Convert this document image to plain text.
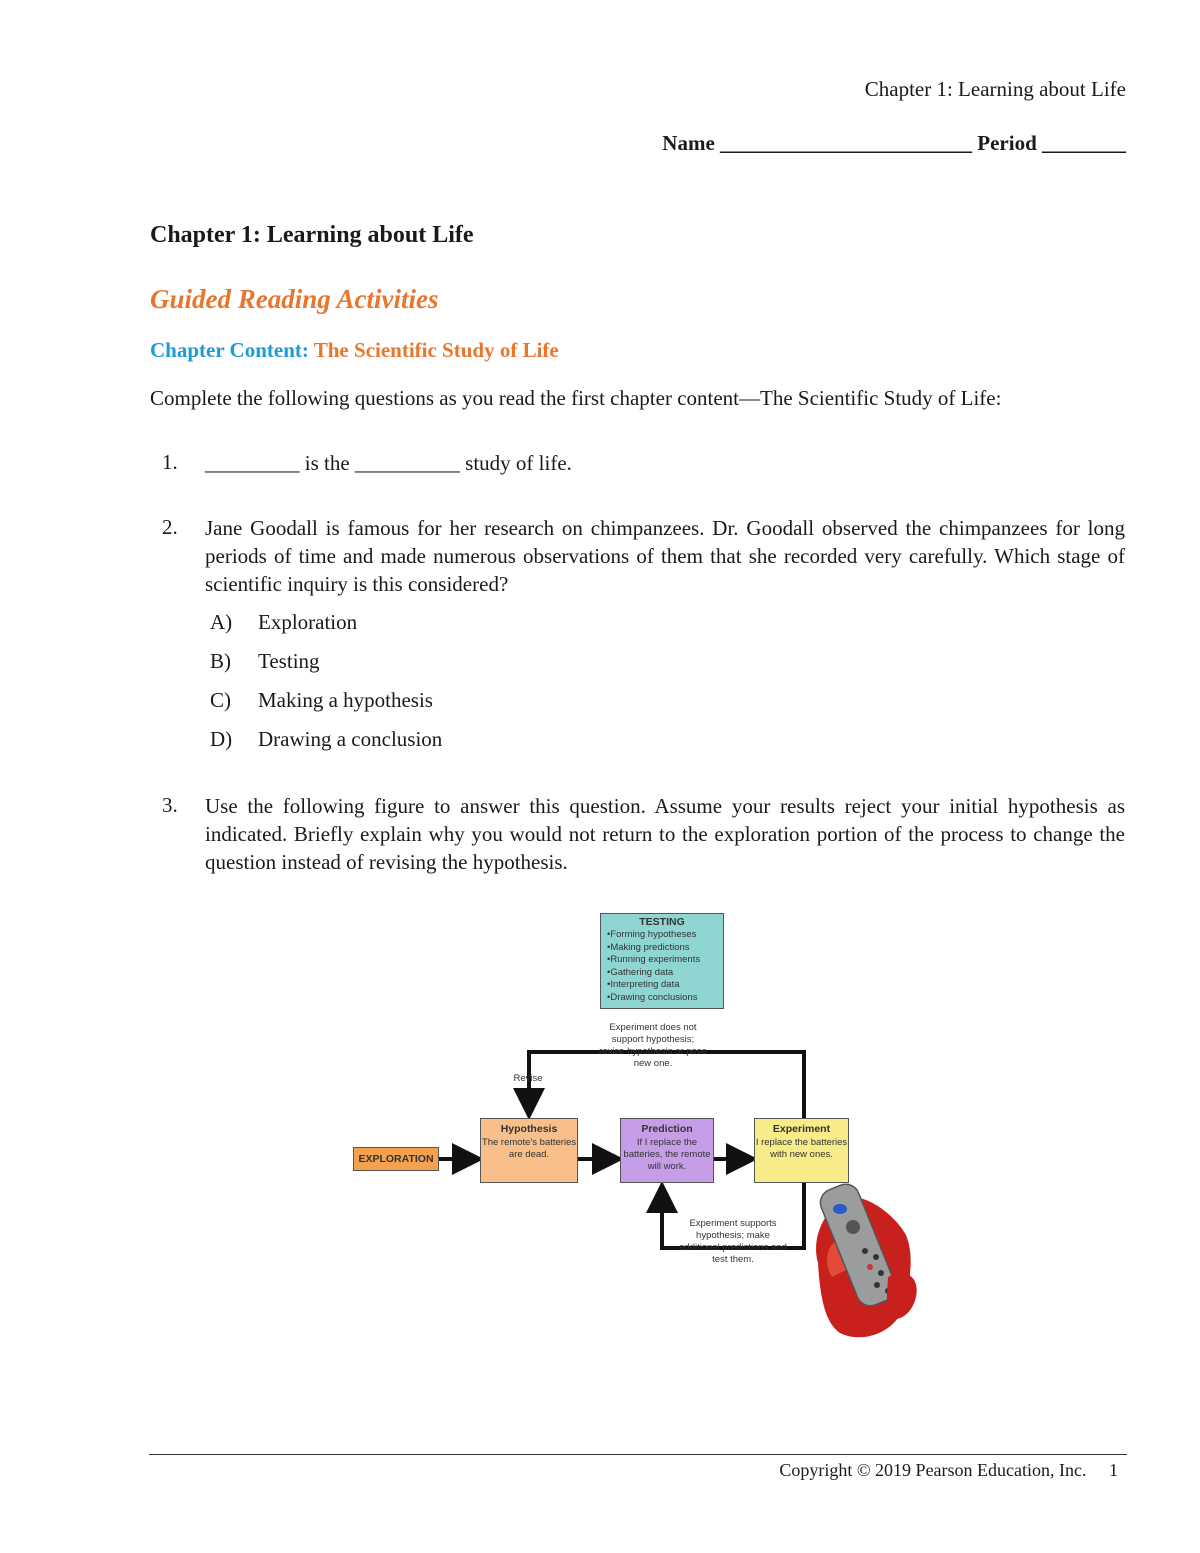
Chapter 1: Learning about Life
Name ________________________ Period ________
Chapter 1: Learning about Life
Guided Reading Activities
Chapter Content: The Scientific Study of Life
Complete the following questions as you read the first chapter content—The Scientific Study of Life:
1. _________ is the __________ study of life.
2. Jane Goodall is famous for her research on chimpanzees. Dr. Goodall observed the chimpanzees for long periods of time and made numerous observations of them that she recorded very carefully. Which stage of scientific inquiry is this considered?
A) Exploration
B) Testing
C) Making a hypothesis
D) Drawing a conclusion
3. Use the following figure to answer this question. Assume your results reject your initial hypothesis as indicated. Briefly explain why you would not return to the exploration portion of the process to change the question instead of revising the hypothesis.
TESTING
• Forming hypotheses
• Making predictions
• Running experiments
• Gathering data
• Interpreting data
• Drawing conclusions
Experiment does not support hypothesis; revise hypothesis or pose new one.
Revise
EXPLORATION
Hypothesis
The remote's batteries are dead.
Prediction
If I replace the batteries, the remote will work.
Experiment
I replace the batteries with new ones.
Experiment supports hypothesis; make additional predictions and test them.
Copyright © 2019 Pearson Education, Inc. 1
